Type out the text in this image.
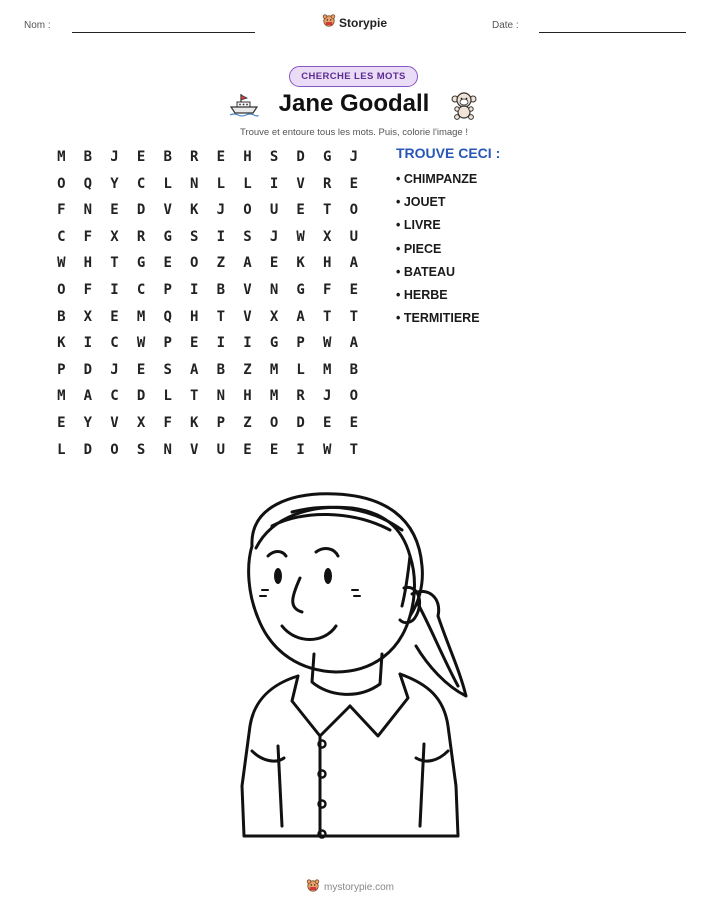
Nom :	Storypie	Date :
CHERCHE LES MOTS
Jane Goodall
Trouve et entoure tous les mots. Puis, colorie l'image !
M	B	J	E	B	R	E	H	S	D	G	J
O	Q	Y	C	L	N	L	L	I	V	R	E
F	N	E	D	V	K	J	O	U	E	T	O
C	F	X	R	G	S	I	S	J	W	X	U
W	H	T	G	E	O	Z	A	E	K	H	A
O	F	I	C	P	I	B	V	N	G	F	E
B	X	E	M	Q	H	T	V	X	A	T	T
K	I	C	W	P	E	I	I	G	P	W	A
P	D	J	E	S	A	B	Z	M	L	M	B
M	A	C	D	L	T	N	H	M	R	J	O
E	Y	V	X	F	K	P	Z	O	D	E	E
L	D	O	S	N	V	U	E	E	I	W	T
TROUVE CECI :
• CHIMPANZE
• JOUET
• LIVRE
• PIECE
• BATEAU
• HERBE
• TERMITIERE
mystorypie.com
